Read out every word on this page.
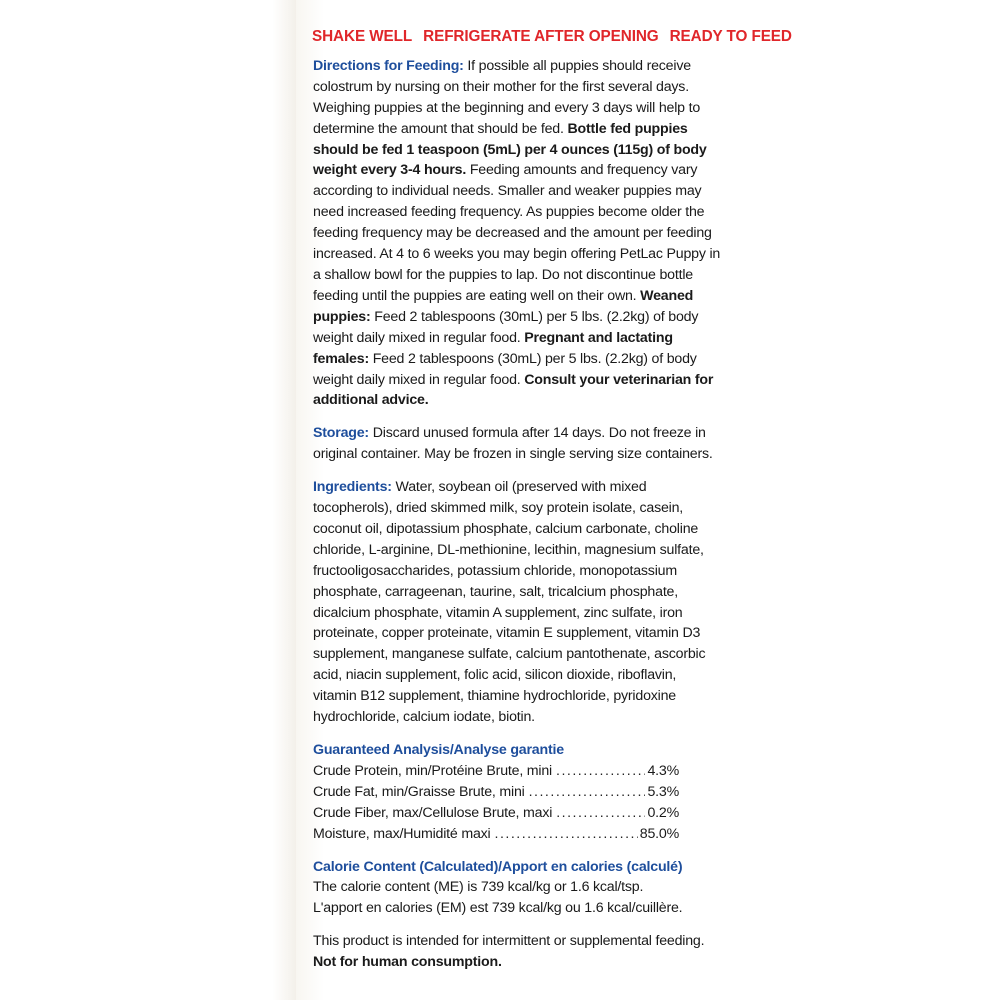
SHAKE WELL REFRIGERATE AFTER OPENING READY TO FEED

Directions for Feeding: If possible all puppies should receive colostrum by nursing on their mother for the first several days. Weighing puppies at the beginning and every 3 days will help to determine the amount that should be fed. Bottle fed puppies should be fed 1 teaspoon (5mL) per 4 ounces (115g) of body weight every 3-4 hours. Feeding amounts and frequency vary according to individual needs. Smaller and weaker puppies may need increased feeding frequency. As puppies become older the feeding frequency may be decreased and the amount per feeding increased. At 4 to 6 weeks you may begin offering PetLac Puppy in a shallow bowl for the puppies to lap. Do not discontinue bottle feeding until the puppies are eating well on their own. Weaned puppies: Feed 2 tablespoons (30mL) per 5 lbs. (2.2kg) of body weight daily mixed in regular food. Pregnant and lactating females: Feed 2 tablespoons (30mL) per 5 lbs. (2.2kg) of body weight daily mixed in regular food. Consult your veterinarian for additional advice.

Storage: Discard unused formula after 14 days. Do not freeze in original container. May be frozen in single serving size containers.

Ingredients: Water, soybean oil (preserved with mixed tocopherols), dried skimmed milk, soy protein isolate, casein, coconut oil, dipotassium phosphate, calcium carbonate, choline chloride, L-arginine, DL-methionine, lecithin, magnesium sulfate, fructooligosaccharides, potassium chloride, monopotassium phosphate, carrageenan, taurine, salt, tricalcium phosphate, dicalcium phosphate, vitamin A supplement, zinc sulfate, iron proteinate, copper proteinate, vitamin E supplement, vitamin D3 supplement, manganese sulfate, calcium pantothenate, ascorbic acid, niacin supplement, folic acid, silicon dioxide, riboflavin, vitamin B12 supplement, thiamine hydrochloride, pyridoxine hydrochloride, calcium iodate, biotin.

Guaranteed Analysis/Analyse garantie
Crude Protein, min/Protéine Brute, mini .....	4.3%
Crude Fat, min/Graisse Brute, mini .....	5.3%
Crude Fiber, max/Cellulose Brute, maxi .....	0.2%
Moisture, max/Humidité maxi .....	85.0%
Calorie Content (Calculated)/Apport en calories (calculé)

The calorie content (ME) is 739 kcal/kg or 1.6 kcal/tsp.

L'apport en calories (EM) est 739 kcal/kg ou 1.6 kcal/cuillère.

This product is intended for intermittent or supplemental feeding. Not for human consumption.
